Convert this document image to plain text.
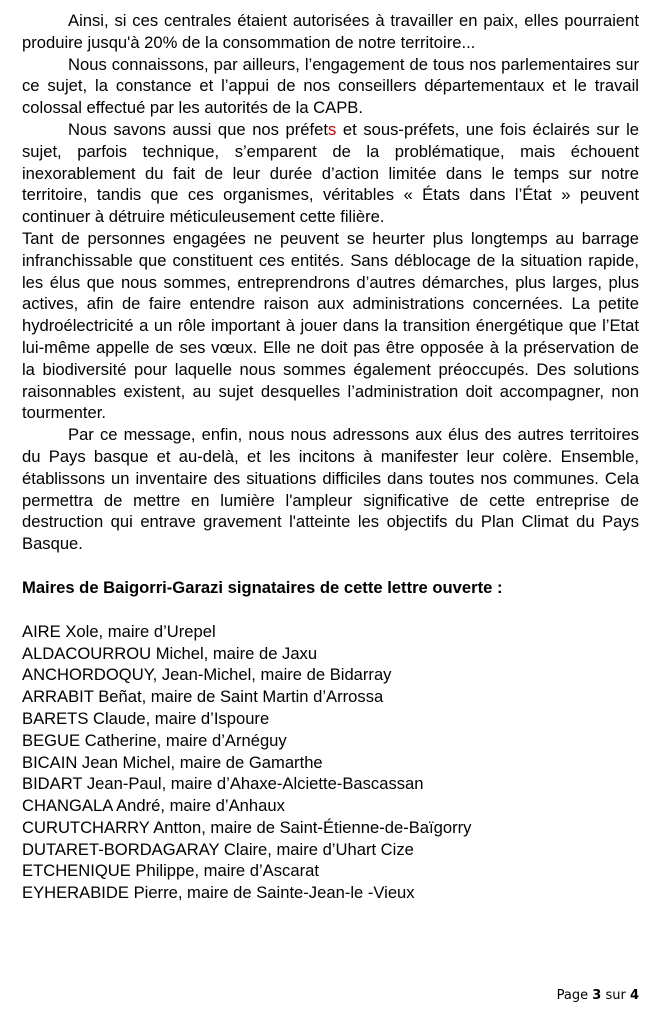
Ainsi, si ces centrales étaient autorisées à travailler en paix, elles pourraient produire jusqu'à 20% de la consommation de notre territoire...

Nous connaissons, par ailleurs, l’engagement de tous nos parlementaires sur ce sujet, la constance et l’appui de nos conseillers départementaux et le travail colossal effectué par les autorités de la CAPB.

Nous savons aussi que nos préfets et sous-préfets, une fois éclairés sur le sujet, parfois technique, s’emparent de la problématique, mais échouent inexorablement du fait de leur durée d’action limitée dans le temps sur notre territoire, tandis que ces organismes, véritables « États dans l’État » peuvent continuer à détruire méticuleusement cette filière.

Tant de personnes engagées ne peuvent se heurter plus longtemps au barrage infranchissable que constituent ces entités. Sans déblocage de la situation rapide, les élus que nous sommes, entreprendrons d’autres démarches, plus larges, plus actives, afin de faire entendre raison aux administrations concernées. La petite hydroélectricité a un rôle important à jouer dans la transition énergétique que l’Etat lui-même appelle de ses vœux. Elle ne doit pas être opposée à la préservation de la biodiversité pour laquelle nous sommes également préoccupés. Des solutions raisonnables existent, au sujet desquelles l’administration doit accompagner, non tourmenter.

Par ce message, enfin, nous nous adressons aux élus des autres territoires du Pays basque et au-delà, et les incitons à manifester leur colère. Ensemble, établissons un inventaire des situations difficiles dans toutes nos communes. Cela permettra de mettre en lumière l'ampleur significative de cette entreprise de destruction qui entrave gravement l'atteinte les objectifs du Plan Climat du Pays Basque.

Maires de Baigorri-Garazi signataires de cette lettre ouverte :

AIRE Xole, maire d’Urepel
ALDACOURROU Michel, maire de Jaxu
ANCHORDOQUY, Jean-Michel, maire de Bidarray
ARRABIT Beñat, maire de Saint Martin d’Arrossa
BARETS Claude, maire d’Ispoure
BEGUE Catherine, maire d’Arnéguy
BICAIN Jean Michel, maire de Gamarthe
BIDART Jean-Paul, maire d’Ahaxe-Alciette-Bascassan
CHANGALA André, maire d’Anhaux
CURUTCHARRY Antton, maire de Saint-Étienne-de-Baïgorry
DUTARET-BORDAGARAY Claire, maire d’Uhart Cize
ETCHENIQUE Philippe, maire d’Ascarat
EYHERABIDE Pierre, maire de Sainte-Jean-le -Vieux
Page 3 sur 4
